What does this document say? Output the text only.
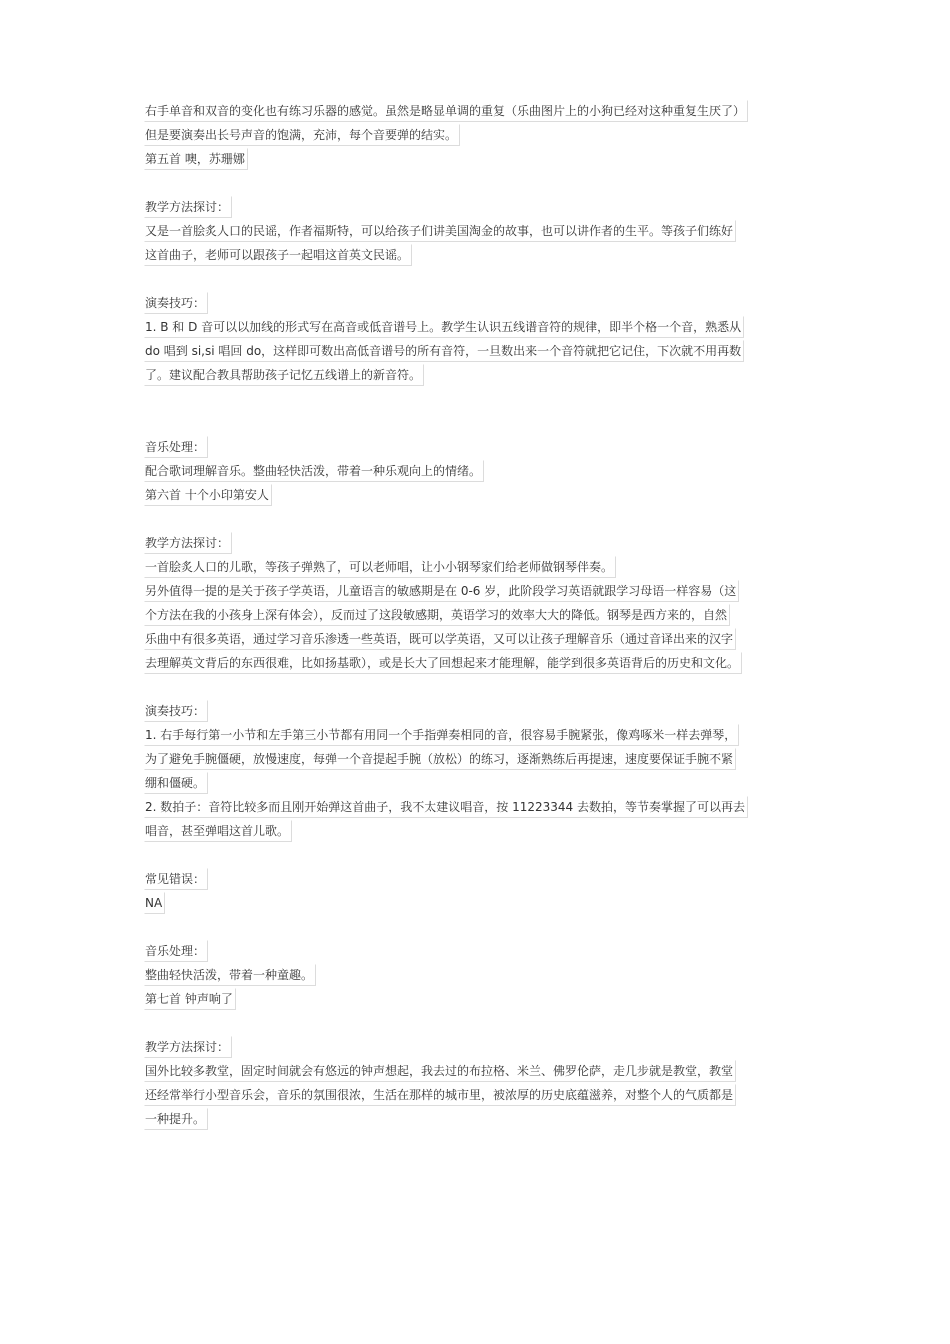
右手单音和双音的变化也有练习乐器的感觉。虽然是略显单调的重复（乐曲图片上的小狗已经对这种重复生厌了）
但是要演奏出长号声音的饱满，充沛，每个音要弹的结实。
第五首 噢，苏珊娜
教学方法探讨：
又是一首脍炙人口的民谣，作者福斯特，可以给孩子们讲美国淘金的故事，也可以讲作者的生平。等孩子们练好
这首曲子，老师可以跟孩子一起唱这首英文民谣。
演奏技巧：
1. B 和 D 音可以以加线的形式写在高音或低音谱号上。教学生认识五线谱音符的规律，即半个格一个音，熟悉从
do 唱到 si,si 唱回 do，这样即可数出高低音谱号的所有音符，一旦数出来一个音符就把它记住，下次就不用再数
了。建议配合教具帮助孩子记忆五线谱上的新音符。
音乐处理：
配合歌词理解音乐。整曲轻快活泼，带着一种乐观向上的情绪。
第六首 十个小印第安人
教学方法探讨：
一首脍炙人口的儿歌，等孩子弹熟了，可以老师唱，让小小钢琴家们给老师做钢琴伴奏。
另外值得一提的是关于孩子学英语，儿童语言的敏感期是在 0-6 岁，此阶段学习英语就跟学习母语一样容易（这
个方法在我的小孩身上深有体会），反而过了这段敏感期，英语学习的效率大大的降低。钢琴是西方来的，自然
乐曲中有很多英语，通过学习音乐渗透一些英语，既可以学英语，又可以让孩子理解音乐（通过音译出来的汉字
去理解英文背后的东西很难，比如扬基歌），或是长大了回想起来才能理解，能学到很多英语背后的历史和文化。
演奏技巧：
1. 右手每行第一小节和左手第三小节都有用同一个手指弹奏相同的音，很容易手腕紧张，像鸡啄米一样去弹琴，
为了避免手腕僵硬，放慢速度，每弹一个音提起手腕（放松）的练习，逐渐熟练后再提速，速度要保证手腕不紧
绷和僵硬。
2. 数拍子：音符比较多而且刚开始弹这首曲子，我不太建议唱音，按 11223344 去数拍，等节奏掌握了可以再去
唱音，甚至弹唱这首儿歌。
常见错误：
NA
音乐处理：
整曲轻快活泼，带着一种童趣。
第七首 钟声响了
教学方法探讨：
国外比较多教堂，固定时间就会有悠远的钟声想起，我去过的布拉格、米兰、佛罗伦萨，走几步就是教堂，教堂
还经常举行小型音乐会，音乐的氛围很浓，生活在那样的城市里，被浓厚的历史底蕴滋养，对整个人的气质都是
一种提升。
